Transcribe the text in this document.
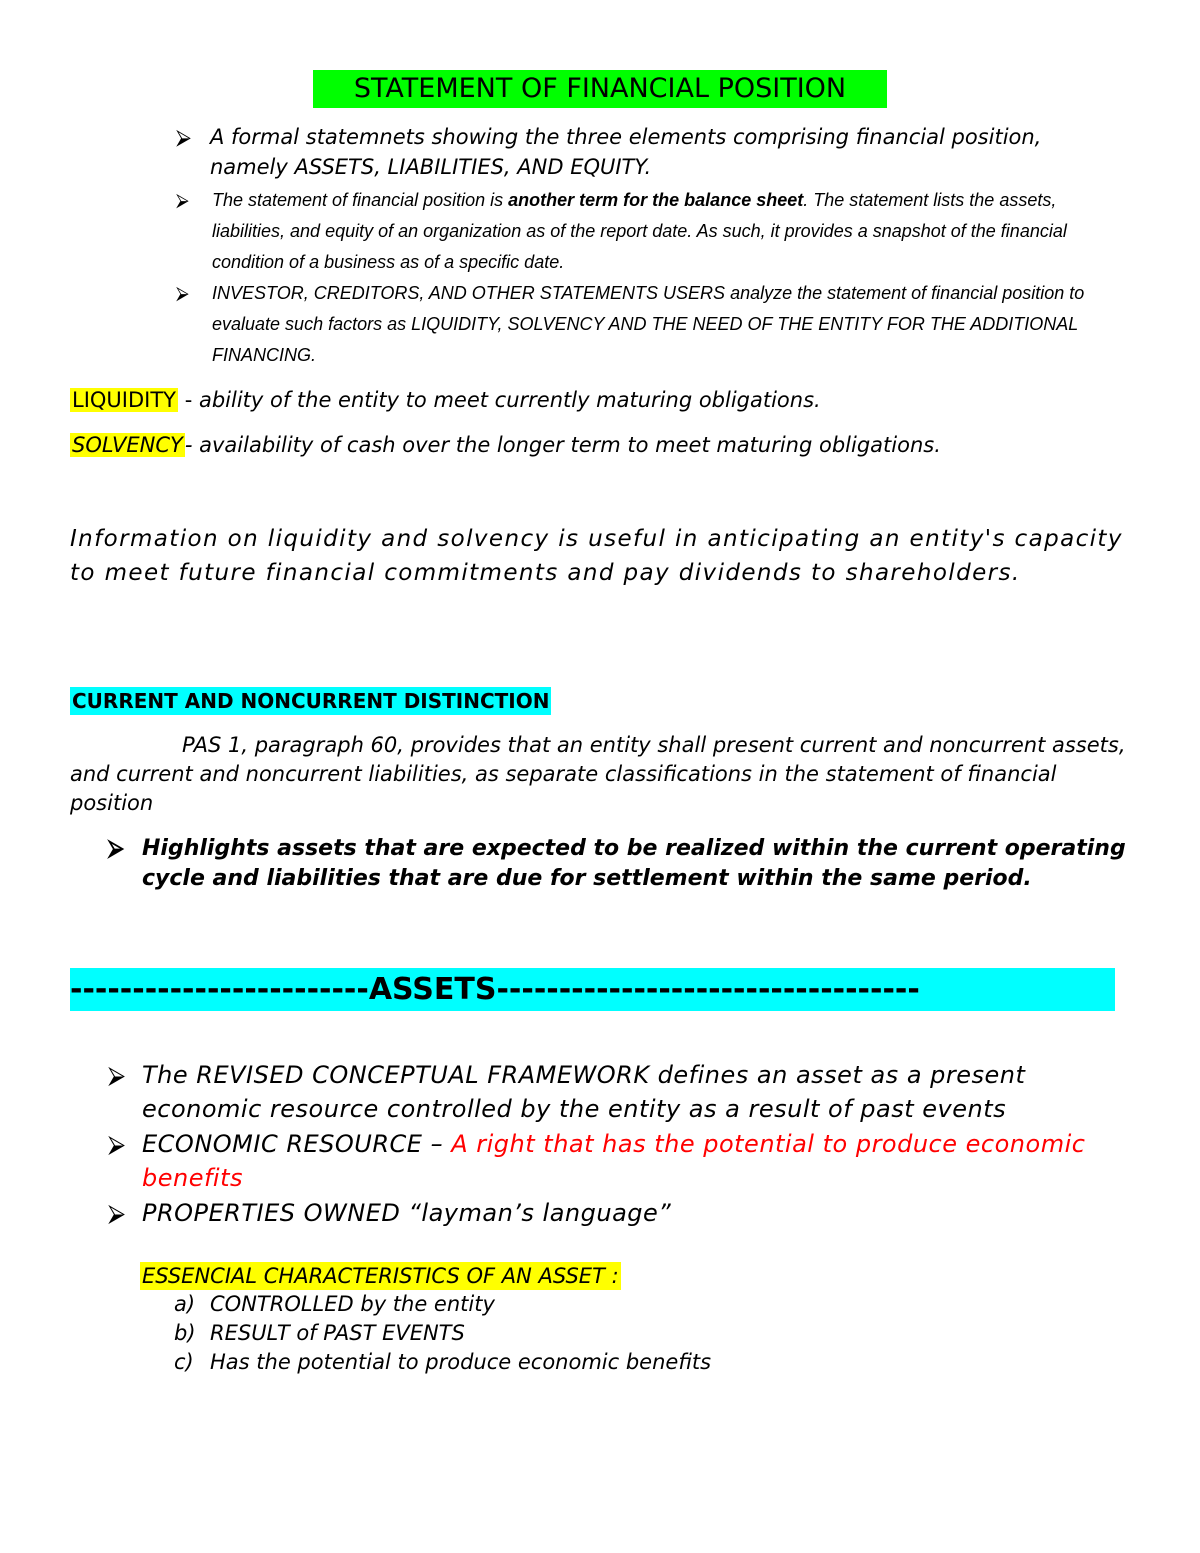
STATEMENT OF FINANCIAL POSITION
⮚ A formal statemnets showing the three elements comprising financial position, namely ASSETS, LIABILITIES, AND EQUITY.
⮚ The statement of financial position is another term for the balance sheet. The statement lists the assets, liabilities, and equity of an organization as of the report date. As such, it provides a snapshot of the financial condition of a business as of a specific date.
⮚ INVESTOR, CREDITORS, AND OTHER STATEMENTS USERS analyze the statement of financial position to evaluate such factors as LIQUIDITY, SOLVENCY AND THE NEED OF THE ENTITY FOR THE ADDITIONAL FINANCING.
LIQUIDITY - ability of the entity to meet currently maturing obligations.
SOLVENCY- availability of cash over the longer term to meet maturing obligations.
Information on liquidity and solvency is useful in anticipating an entity's capacity to meet future financial commitments and pay dividends to shareholders.
CURRENT AND NONCURRENT DISTINCTION
PAS 1, paragraph 60, provides that an entity shall present current and noncurrent assets, and current and noncurrent liabilities, as separate classifications in the statement of financial position
⮚ Highlights assets that are expected to be realized within the current operating cycle and liabilities that are due for settlement within the same period.
------------------------ASSETS----------------------------------
⮚ The REVISED CONCEPTUAL FRAMEWORK defines an asset as a present economic resource controlled by the entity as a result of past events
⮚ ECONOMIC RESOURCE – A right that has the potential to produce economic benefits
⮚ PROPERTIES OWNED “layman’s language”
ESSENCIAL CHARACTERISTICS OF AN ASSET :
a) CONTROLLED by the entity
b) RESULT of PAST EVENTS
c) Has the potential to produce economic benefits
